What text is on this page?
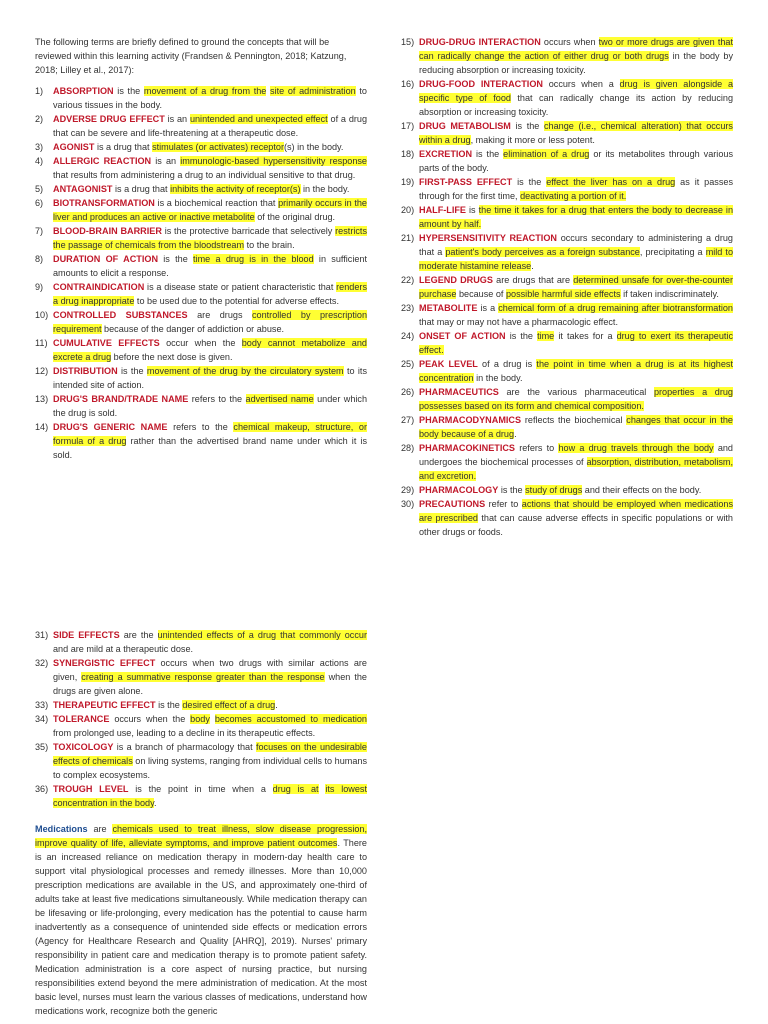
The following terms are briefly defined to ground the concepts that will be reviewed within this learning activity (Frandsen & Pennington, 2018; Katzung, 2018; Lilley et al., 2017):

1) ABSORPTION is the movement of a drug from the site of administration to various tissues in the body.
2) ADVERSE DRUG EFFECT is an unintended and unexpected effect of a drug that can be severe and life-threatening at a therapeutic dose.
3) AGONIST is a drug that stimulates (or activates) receptor(s) in the body.
4) ALLERGIC REACTION is an immunologic-based hypersensitivity response that results from administering a drug to an individual sensitive to that drug.
5) ANTAGONIST is a drug that inhibits the activity of receptor(s) in the body.
6) BIOTRANSFORMATION is a biochemical reaction that primarily occurs in the liver and produces an active or inactive metabolite of the original drug.
7) BLOOD-BRAIN BARRIER is the protective barricade that selectively restricts the passage of chemicals from the bloodstream to the brain.
8) DURATION OF ACTION is the time a drug is in the blood in sufficient amounts to elicit a response.
9) CONTRAINDICATION is a disease state or patient characteristic that renders a drug inappropriate to be used due to the potential for adverse effects.
10) CONTROLLED SUBSTANCES are drugs controlled by prescription requirement because of the danger of addiction or abuse.
11) CUMULATIVE EFFECTS occur when the body cannot metabolize and excrete a drug before the next dose is given.
12) DISTRIBUTION is the movement of the drug by the circulatory system to its intended site of action.
13) DRUG'S BRAND/TRADE NAME refers to the advertised name under which the drug is sold.
14) DRUG'S GENERIC NAME refers to the chemical makeup, structure, or formula of a drug rather than the advertised brand name under which it is sold.
15) DRUG-DRUG INTERACTION occurs when two or more drugs are given that can radically change the action of either drug or both drugs in the body by reducing absorption or increasing toxicity.
16) DRUG-FOOD INTERACTION occurs when a drug is given alongside a specific type of food that can radically change its action by reducing absorption or increasing toxicity.
17) DRUG METABOLISM is the change (i.e., chemical alteration) that occurs within a drug, making it more or less potent.
18) EXCRETION is the elimination of a drug or its metabolites through various parts of the body.
19) FIRST-PASS EFFECT is the effect the liver has on a drug as it passes through for the first time, deactivating a portion of it.
20) HALF-LIFE is the time it takes for a drug that enters the body to decrease in amount by half.
21) HYPERSENSITIVITY REACTION occurs secondary to administering a drug that a patient's body perceives as a foreign substance, precipitating a mild to moderate histamine release.
22) LEGEND DRUGS are drugs that are determined unsafe for over-the-counter purchase because of possible harmful side effects if taken indiscriminately.
23) METABOLITE is a chemical form of a drug remaining after biotransformation that may or may not have a pharmacologic effect.
24) ONSET OF ACTION is the time it takes for a drug to exert its therapeutic effect.
25) PEAK LEVEL of a drug is the point in time when a drug is at its highest concentration in the body.
26) PHARMACEUTICS are the various pharmaceutical properties a drug possesses based on its form and chemical composition.
27) PHARMACODYNAMICS reflects the biochemical changes that occur in the body because of a drug.
28) PHARMACOKINETICS refers to how a drug travels through the body and undergoes the biochemical processes of absorption, distribution, metabolism, and excretion.
29) PHARMACOLOGY is the study of drugs and their effects on the body.
30) PRECAUTIONS refer to actions that should be employed when medications are prescribed that can cause adverse effects in specific populations or with other drugs or foods.
31) SIDE EFFECTS are the unintended effects of a drug that commonly occur and are mild at a therapeutic dose.
32) SYNERGISTIC EFFECT occurs when two drugs with similar actions are given, creating a summative response greater than the response when the drugs are given alone.
33) THERAPEUTIC EFFECT is the desired effect of a drug.
34) TOLERANCE occurs when the body becomes accustomed to medication from prolonged use, leading to a decline in its therapeutic effects.
35) TOXICOLOGY is a branch of pharmacology that focuses on the undesirable effects of chemicals on living systems, ranging from individual cells to humans to complex ecosystems.
36) TROUGH LEVEL is the point in time when a drug is at its lowest concentration in the body.

Medications are chemicals used to treat illness, slow disease progression, improve quality of life, alleviate symptoms, and improve patient outcomes. There is an increased reliance on medication therapy in modern-day health care to support vital physiological processes and remedy illnesses. More than 10,000 prescription medications are available in the US, and approximately one-third of adults take at least five medications simultaneously. While medication therapy can be lifesaving or life-prolonging, every medication has the potential to cause harm inadvertently as a consequence of unintended side effects or medication errors (Agency for Healthcare Research and Quality [AHRQ], 2019). Nurses' primary responsibility in patient care and medication therapy is to promote patient safety. Medication administration is a core aspect of nursing practice, but nursing responsibilities extend beyond the mere administration of medication. At the most basic level, nurses must learn the various classes of medications, understand how medications work, recognize both the generic
